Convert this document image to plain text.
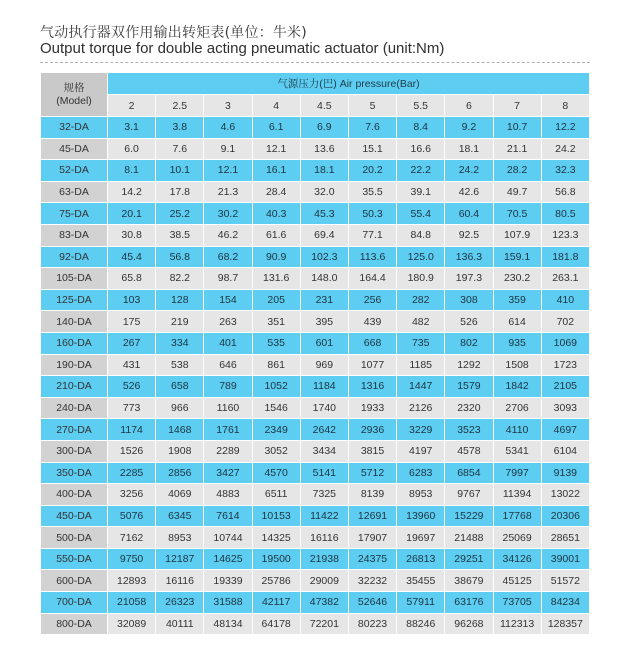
气动执行器双作用输出转矩表(单位：牛米)
Output torque for double acting pneumatic actuator (unit:Nm)
规格
(Model)	气源压力(巴) Air pressure(Bar)									
	2	2.5	3	4	4.5	5	5.5	6	7	8
32-DA	3.1	3.8	4.6	6.1	6.9	7.6	8.4	9.2	10.7	12.2
45-DA	6.0	7.6	9.1	12.1	13.6	15.1	16.6	18.1	21.1	24.2
52-DA	8.1	10.1	12.1	16.1	18.1	20.2	22.2	24.2	28.2	32.3
63-DA	14.2	17.8	21.3	28.4	32.0	35.5	39.1	42.6	49.7	56.8
75-DA	20.1	25.2	30.2	40.3	45.3	50.3	55.4	60.4	70.5	80.5
83-DA	30.8	38.5	46.2	61.6	69.4	77.1	84.8	92.5	107.9	123.3
92-DA	45.4	56.8	68.2	90.9	102.3	113.6	125.0	136.3	159.1	181.8
105-DA	65.8	82.2	98.7	131.6	148.0	164.4	180.9	197.3	230.2	263.1
125-DA	103	128	154	205	231	256	282	308	359	410
140-DA	175	219	263	351	395	439	482	526	614	702
160-DA	267	334	401	535	601	668	735	802	935	1069
190-DA	431	538	646	861	969	1077	1185	1292	1508	1723
210-DA	526	658	789	1052	1184	1316	1447	1579	1842	2105
240-DA	773	966	1160	1546	1740	1933	2126	2320	2706	3093
270-DA	1174	1468	1761	2349	2642	2936	3229	3523	4110	4697
300-DA	1526	1908	2289	3052	3434	3815	4197	4578	5341	6104
350-DA	2285	2856	3427	4570	5141	5712	6283	6854	7997	9139
400-DA	3256	4069	4883	6511	7325	8139	8953	9767	11394	13022
450-DA	5076	6345	7614	10153	11422	12691	13960	15229	17768	20306
500-DA	7162	8953	10744	14325	16116	17907	19697	21488	25069	28651
550-DA	9750	12187	14625	19500	21938	24375	26813	29251	34126	39001
600-DA	12893	16116	19339	25786	29009	32232	35455	38679	45125	51572
700-DA	21058	26323	31588	42117	47382	52646	57911	63176	73705	84234
800-DA	32089	40111	48134	64178	72201	80223	88246	96268	112313	128357
